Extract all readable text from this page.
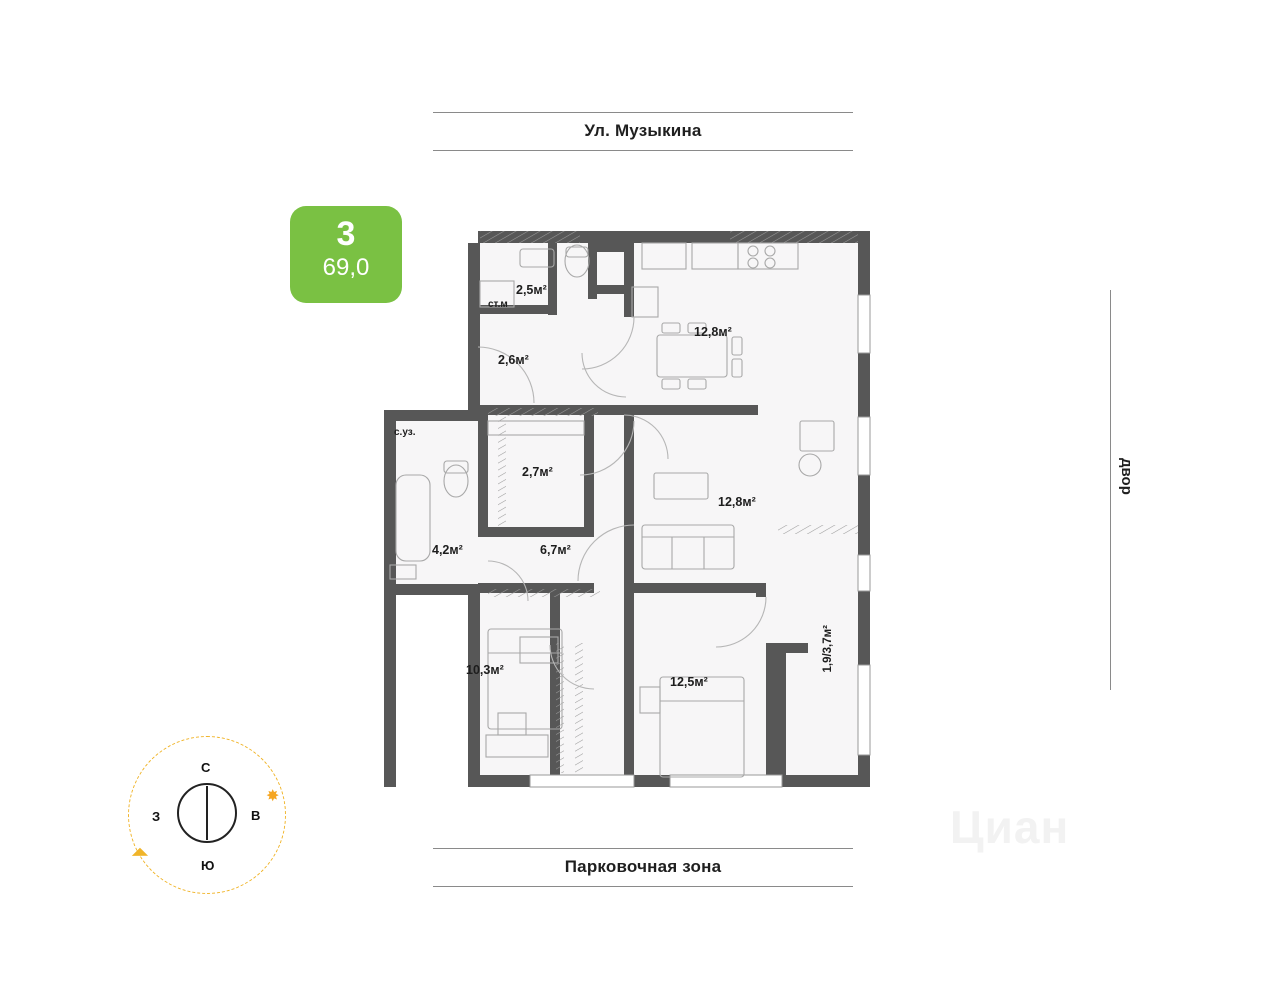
Ул. Музыкина
Парковочная зона
двор
3
69,0
◤
С
Ю
З	В
✸
ст.м
2,5м²
12,8м²
2,6м²
2,7м²
12,8м²
4,2м²	6,7м²
10,3м²
12,5м²
1,9/3,7м²
с.уз.
Циан
